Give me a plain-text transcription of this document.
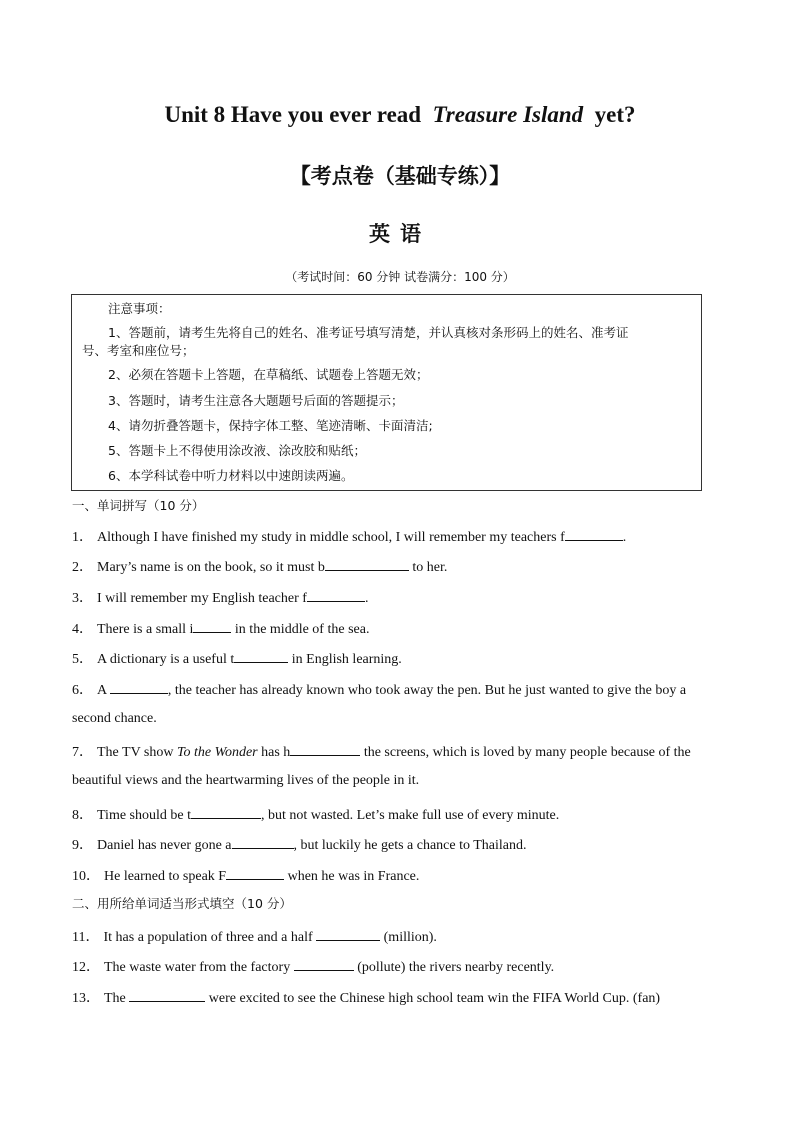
Unit 8 Have you ever read Treasure Island yet?
【考点卷（基础专练）】
英语
（考试时间：60 分钟 试卷满分：100 分）
注意事项：
1、答题前，请考生先将自己的姓名、准考证号填写清楚，并认真核对条形码上的姓名、准考证
号、考室和座位号；
2、必须在答题卡上答题，在草稿纸、试题卷上答题无效；
3、答题时，请考生注意各大题题号后面的答题提示；
4、请勿折叠答题卡，保持字体工整、笔迹清晰、卡面清洁;
5、答题卡上不得使用涂改液、涂改胶和贴纸；
6、本学科试卷中听力材料以中速朗读两遍。
一、单词拼写（10 分）
1． Although I have finished my study in middle school, I will remember my teachers f	.
2． Mary’s name is on the book, so it must b	to her.
3． I will remember my English teacher f	.
4． There is a small i	in the middle of the sea.
5． A dictionary is a useful t	in English learning.
6． A	, the teacher has already known who took away the pen. But he just wanted to give the boy a
second chance.
7． The TV show To the Wonder has h	the screens, which is loved by many people because of the
beautiful views and the heartwarming lives of the people in it.
8． Time should be t	, but not wasted. Let’s make full use of every minute.
9． Daniel has never gone a	, but luckily he gets a chance to Thailand.
10． He learned to speak F	when he was in France.
二、用所给单词适当形式填空（10 分）
11． It has a population of three and a half	(million).
12． The waste water from the factory	(pollute) the rivers nearby recently.
13． The	were excited to see the Chinese high school team win the FIFA World Cup. (fan)
